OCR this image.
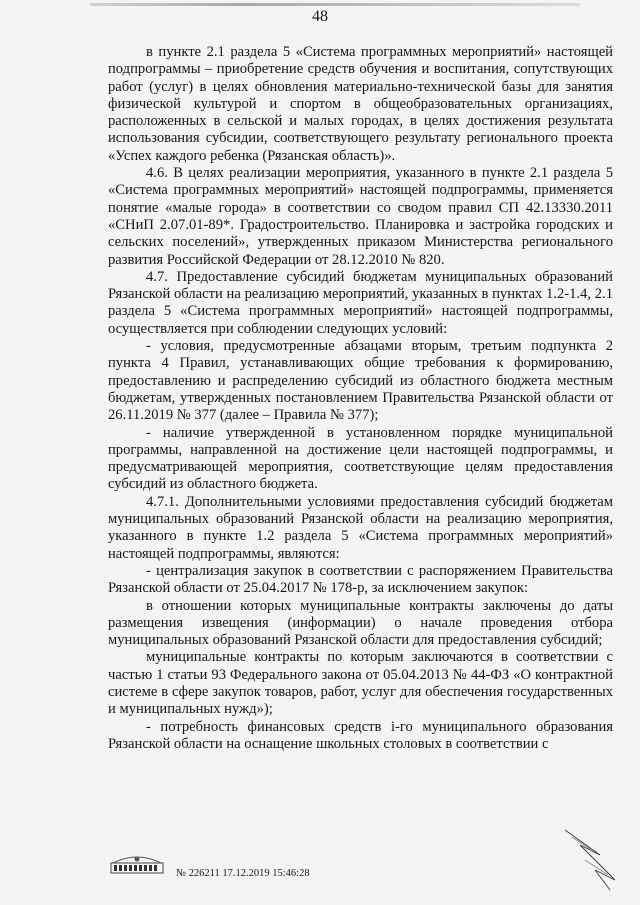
48

в пункте 2.1 раздела 5 «Система программных мероприятий» настоящей подпрограммы – приобретение средств обучения и воспитания, сопутствующих работ (услуг) в целях обновления материально-технической базы для занятия физической культурой и спортом в общеобразовательных организациях, расположенных в сельской и малых городах, в целях достижения результата использования субсидии, соответствующего результату регионального проекта «Успех каждого ребенка (Рязанская область)».

4.6. В целях реализации мероприятия, указанного в пункте 2.1 раздела 5 «Система программных мероприятий» настоящей подпрограммы, применяется понятие «малые города» в соответствии со сводом правил СП 42.13330.2011 «СНиП 2.07.01-89*. Градостроительство. Планировка и застройка городских и сельских поселений», утвержденных приказом Министерства регионального развития Российской Федерации от 28.12.2010 № 820.

4.7. Предоставление субсидий бюджетам муниципальных образований Рязанской области на реализацию мероприятий, указанных в пунктах 1.2-1.4, 2.1 раздела 5 «Система программных мероприятий» настоящей подпрограммы, осуществляется при соблюдении следующих условий:

- условия, предусмотренные абзацами вторым, третьим подпункта 2 пункта 4 Правил, устанавливающих общие требования к формированию, предоставлению и распределению субсидий из областного бюджета местным бюджетам, утвержденных постановлением Правительства Рязанской области от 26.11.2019 № 377 (далее – Правила № 377);

- наличие утвержденной в установленном порядке муниципальной программы, направленной на достижение цели настоящей подпрограммы, и предусматривающей мероприятия, соответствующие целям предоставления субсидий из областного бюджета.

4.7.1. Дополнительными условиями предоставления субсидий бюджетам муниципальных образований Рязанской области на реализацию мероприятия, указанного в пункте 1.2 раздела 5 «Система программных мероприятий» настоящей подпрограммы, являются:

- централизация закупок в соответствии с распоряжением Правительства Рязанской области от 25.04.2017 № 178-р, за исключением закупок:

в отношении которых муниципальные контракты заключены до даты размещения извещения (информации) о начале проведения отбора муниципальных образований Рязанской области для предоставления субсидий;

муниципальные контракты по которым заключаются в соответствии с частью 1 статьи 93 Федерального закона от 05.04.2013 № 44-ФЗ «О контрактной системе в сфере закупок товаров, работ, услуг для обеспечения государственных и муниципальных нужд»);

- потребность финансовых средств i-го муниципального образования Рязанской области на оснащение школьных столовых в соответствии с

№ 226211 17.12.2019 15:46:28
